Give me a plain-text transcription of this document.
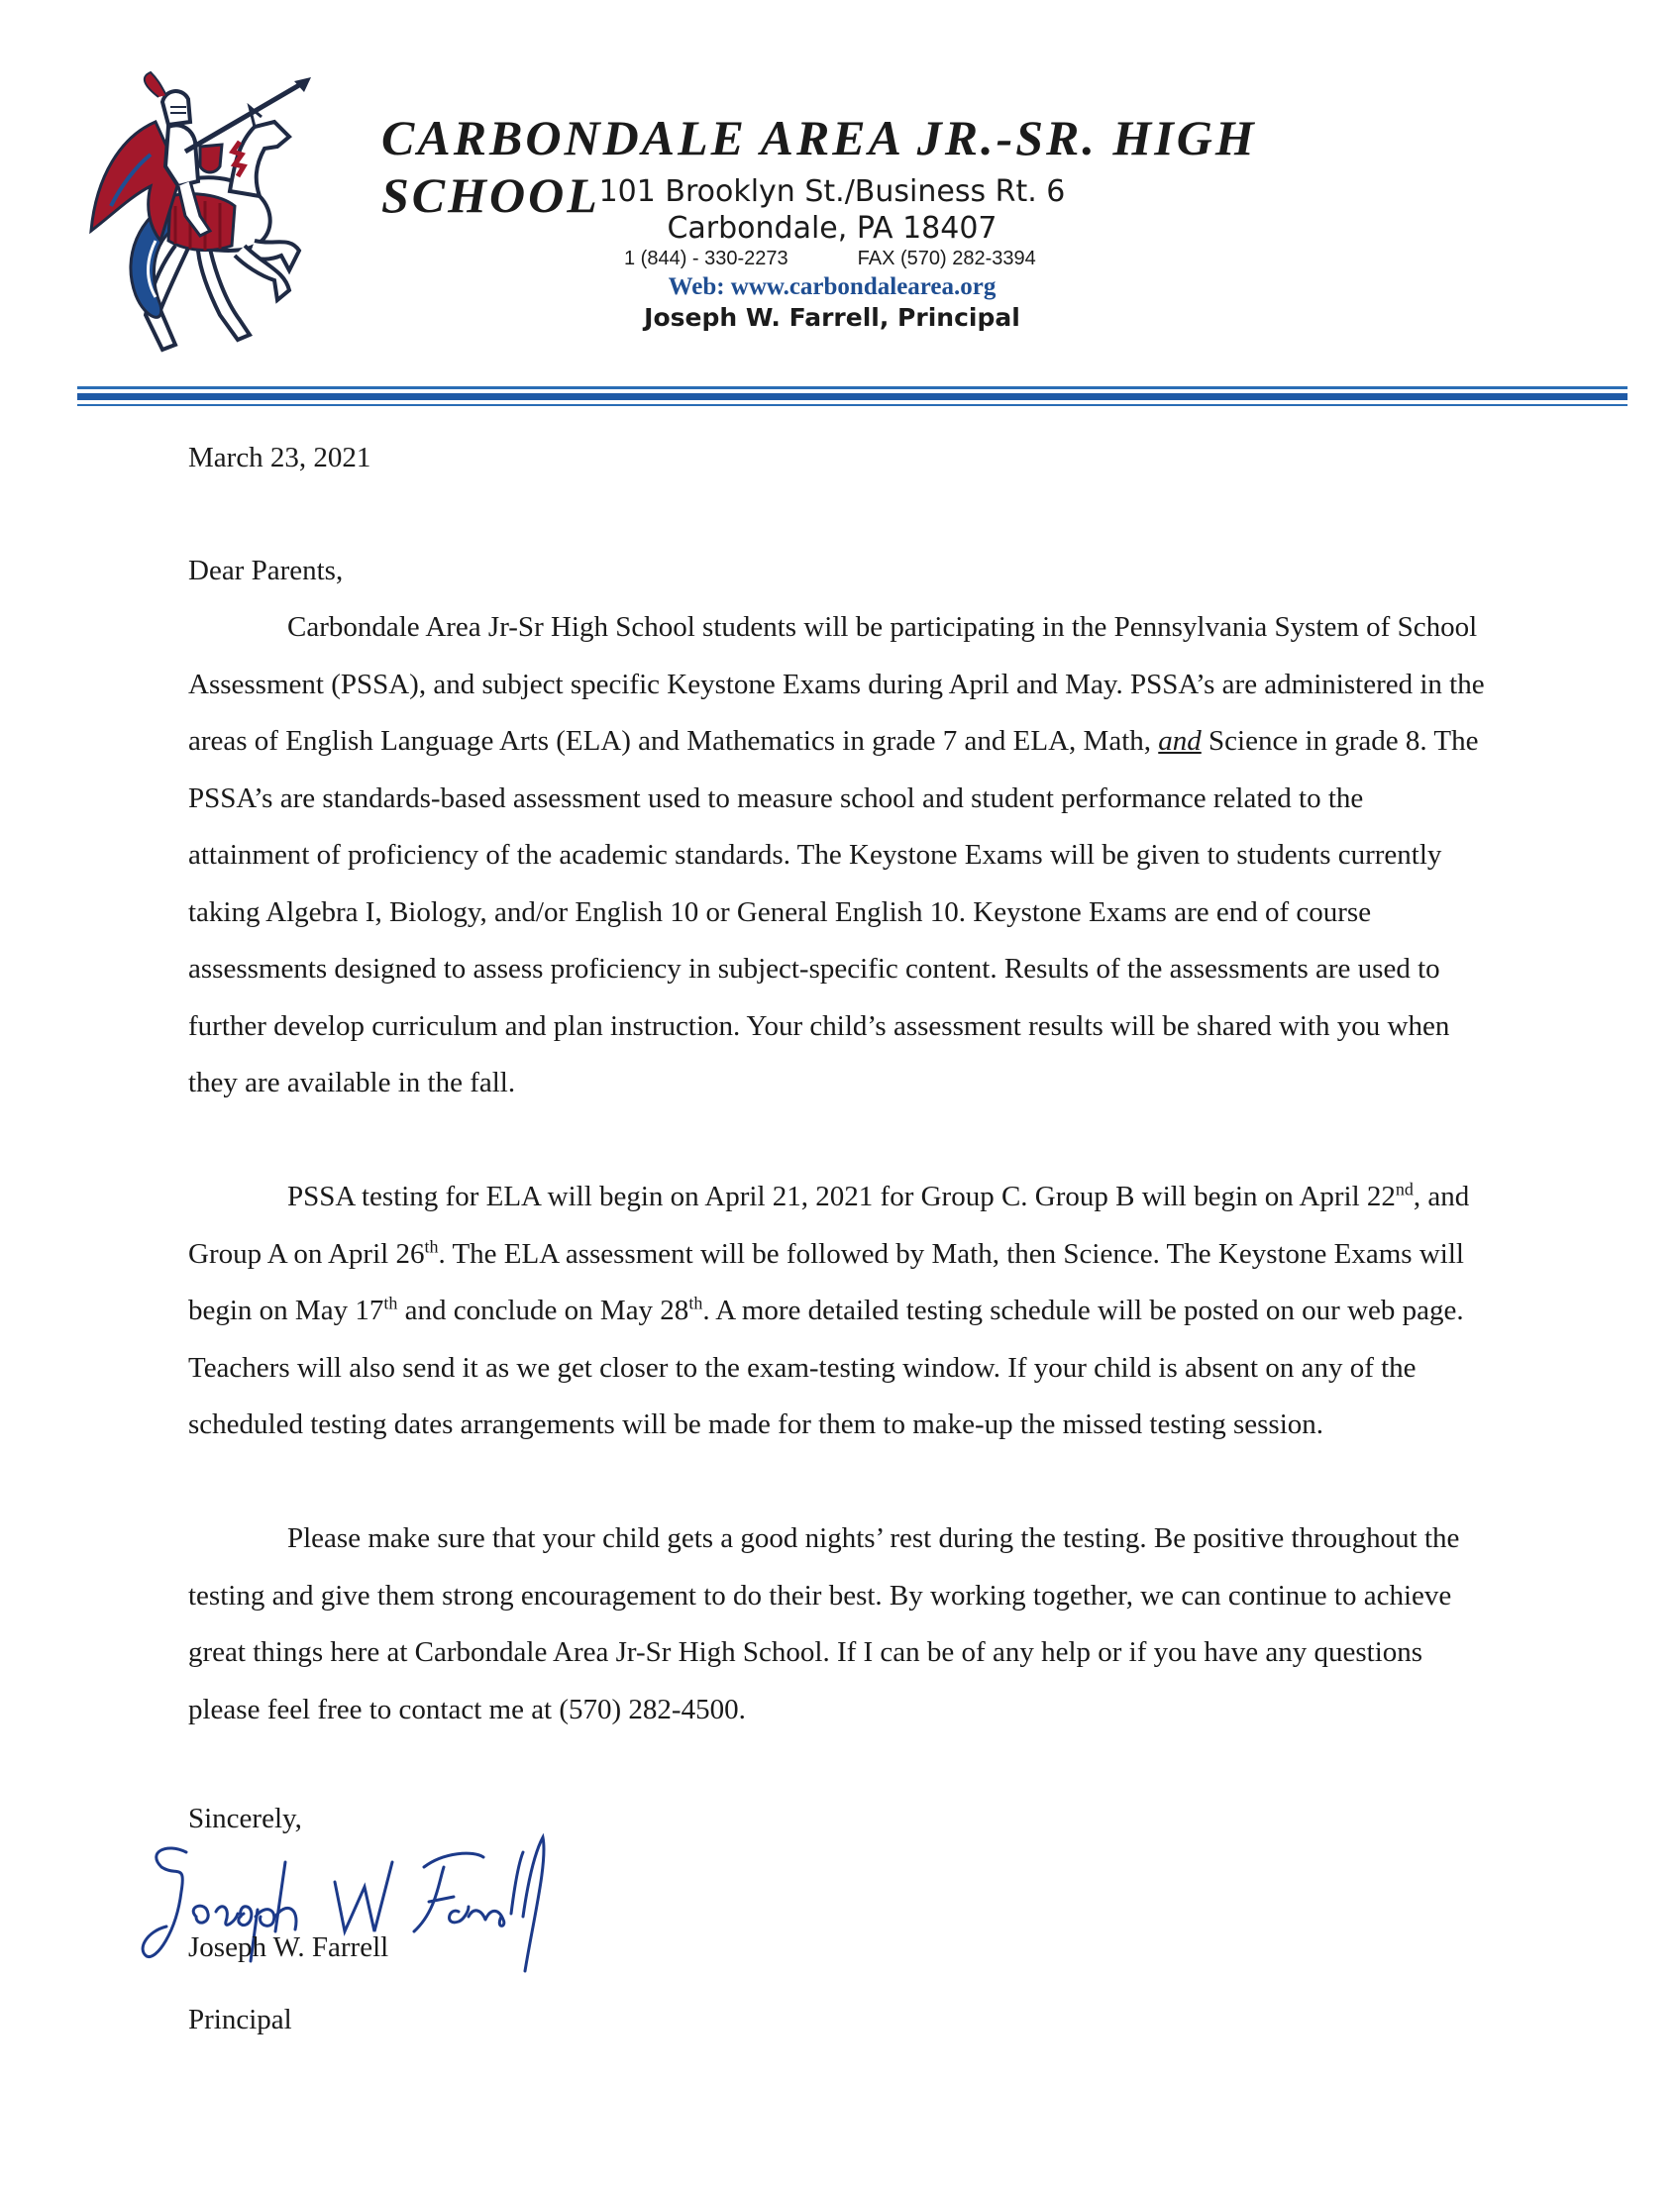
CARBONDALE AREA JR.-SR. HIGH SCHOOL
101 Brooklyn St./Business Rt. 6
Carbondale, PA 18407
1 (844) - 330-2273	FAX (570) 282-3394
Web: www.carbondalearea.org
Joseph W. Farrell, Principal
March 23, 2021
Dear Parents,

Carbondale Area Jr-Sr High School students will be participating in the Pennsylvania System of School Assessment (PSSA), and subject specific Keystone Exams during April and May. PSSA’s are administered in the areas of English Language Arts (ELA) and Mathematics in grade 7 and ELA, Math, and Science in grade 8. The PSSA’s are standards-based assessment used to measure school and student performance related to the attainment of proficiency of the academic standards. The Keystone Exams will be given to students currently taking Algebra I, Biology, and/or English 10 or General English 10. Keystone Exams are end of course assessments designed to assess proficiency in subject-specific content. Results of the assessments are used to further develop curriculum and plan instruction. Your child’s assessment results will be shared with you when they are available in the fall.

PSSA testing for ELA will begin on April 21, 2021 for Group C. Group B will begin on April 22nd, and Group A on April 26th. The ELA assessment will be followed by Math, then Science. The Keystone Exams will begin on May 17th and conclude on May 28th. A more detailed testing schedule will be posted on our web page. Teachers will also send it as we get closer to the exam-testing window. If your child is absent on any of the scheduled testing dates arrangements will be made for them to make-up the missed testing session.

Please make sure that your child gets a good nights’ rest during the testing. Be positive throughout the testing and give them strong encouragement to do their best. By working together, we can continue to achieve great things here at Carbondale Area Jr-Sr High School. If I can be of any help or if you have any questions please feel free to contact me at (570) 282-4500.

Sincerely,
Joseph W. Farrell
Principal
